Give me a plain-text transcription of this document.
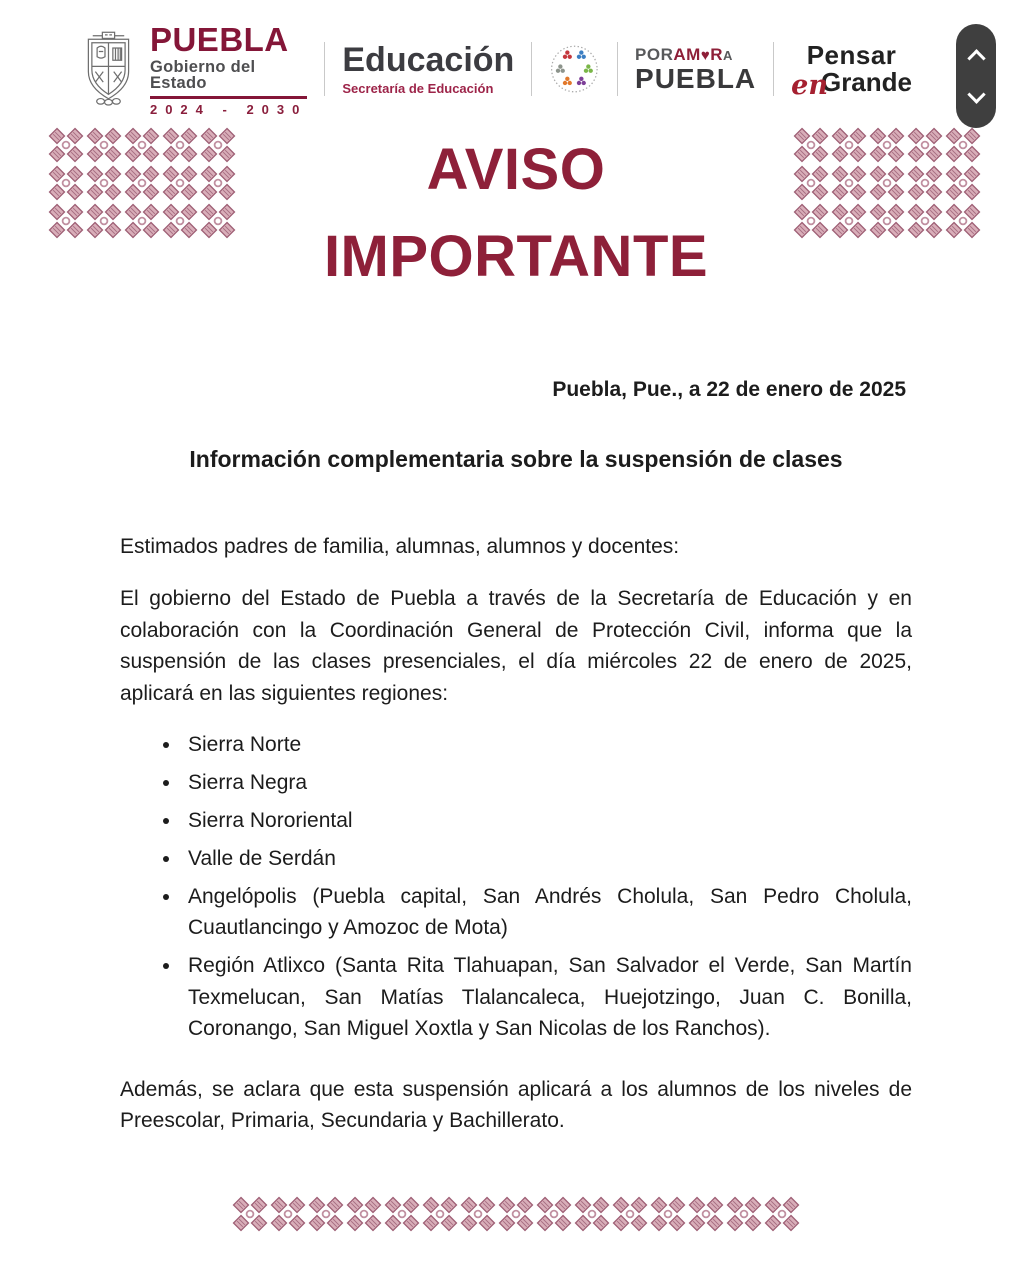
PUEBLA
Gobierno del Estado
2024 - 2030
Educación
Secretaría de Educación
PORAM♥RA
PUEBLA
Pensar
enGrande
AVISO
IMPORTANTE
Puebla, Pue., a 22 de enero de 2025
Información complementaria sobre la suspensión de clases

Estimados padres de familia, alumnas, alumnos y docentes:

El gobierno del Estado de Puebla a través de la Secretaría de Educación y en colaboración con la Coordinación General de Protección Civil, informa que la suspensión de las clases presenciales, el día miércoles 22 de enero de 2025, aplicará en las siguientes regiones:

• Sierra Norte
• Sierra Negra
• Sierra Nororiental
• Valle de Serdán
• Angelópolis (Puebla capital, San Andrés Cholula, San Pedro Cholula, Cuautlancingo y Amozoc de Mota)
• Región Atlixco (Santa Rita Tlahuapan, San Salvador el Verde, San Martín Texmelucan, San Matías Tlalancaleca, Huejotzingo, Juan C. Bonilla, Coronango, San Miguel Xoxtla y San Nicolas de los Ranchos).

Además, se aclara que esta suspensión aplicará a los alumnos de los niveles de Preescolar, Primaria, Secundaria y Bachillerato.
